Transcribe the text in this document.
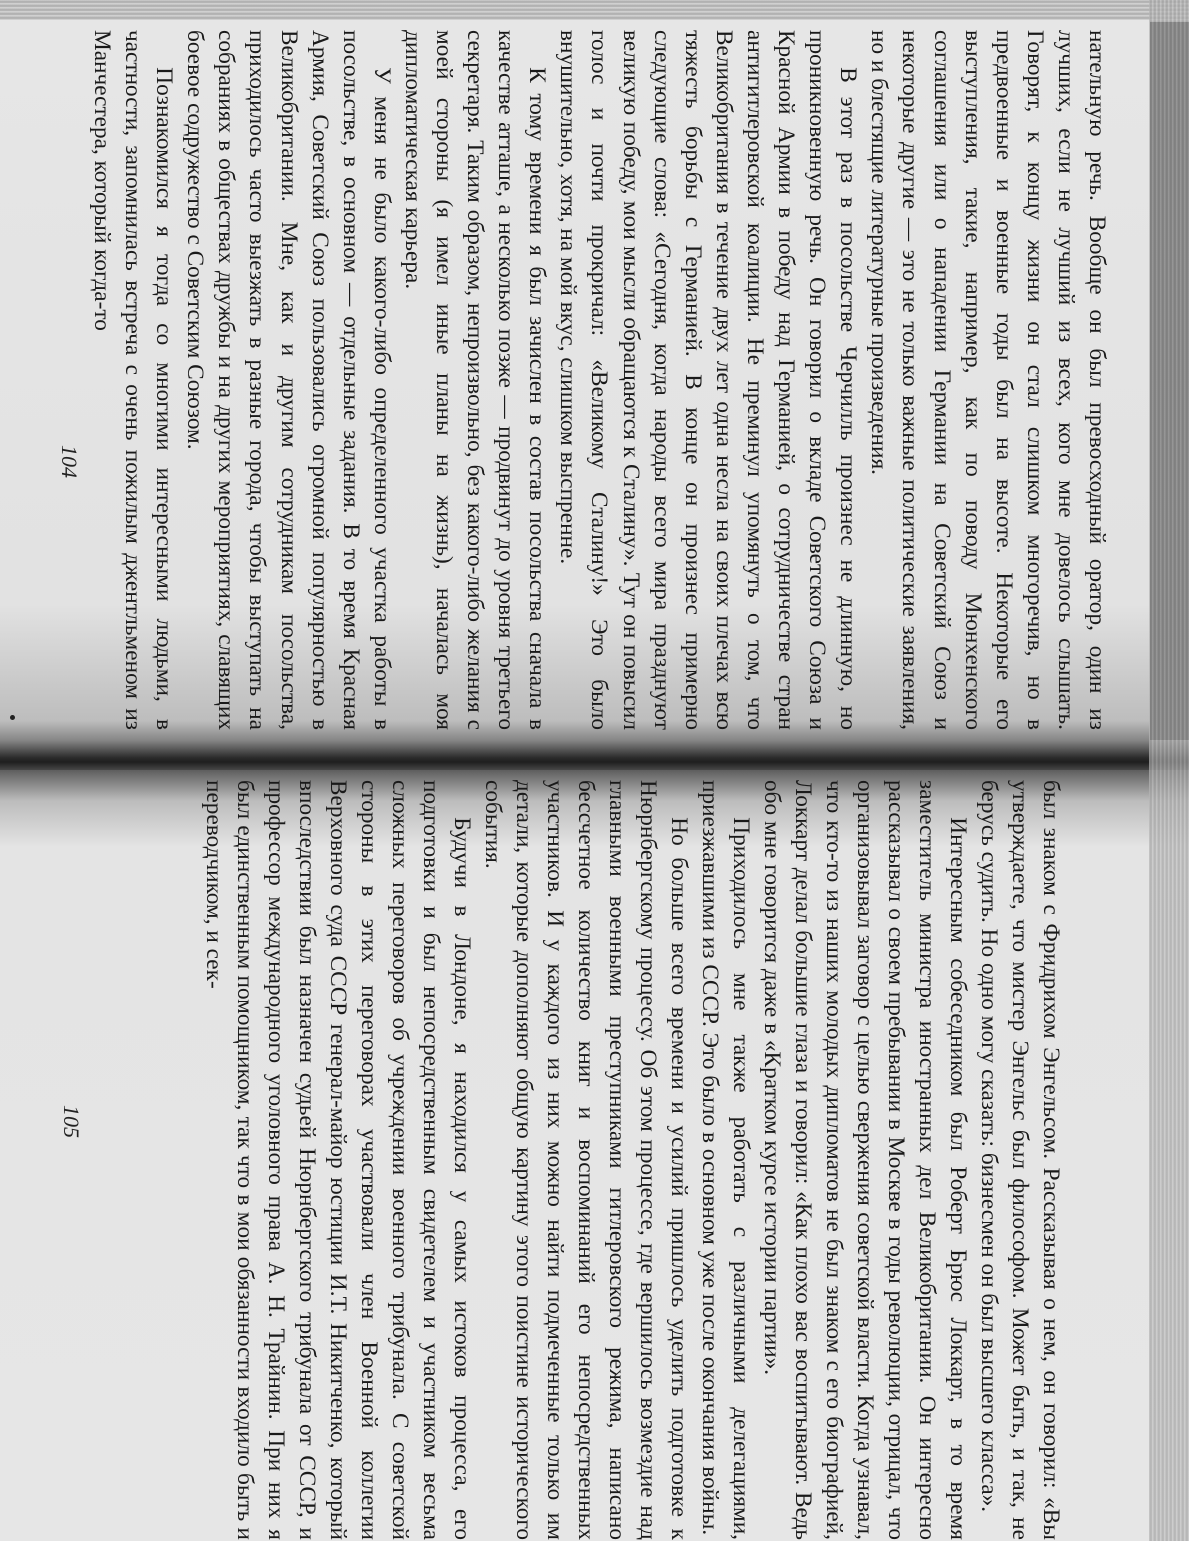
нательную речь. Вообще он был превосходный оратор, один из лучших, если не лучший из всех, кого мне довелось слышать. Говорят, к концу жизни он стал слишком многоречив, но в предвоенные и военные годы был на высоте. Некоторые его выступления, такие, например, как по поводу Мюнхенского соглашения или о нападении Германии на Советский Союз и некоторые другие — это не только важные политические заявления, но и блестящие литературные произведения.

В этот раз в посольстве Черчилль произнес не длинную, но проникновенную речь. Он говорил о вкладе Советского Союза и Красной Армии в победу над Германией, о сотрудничестве стран антигитлеровской коалиции. Не преминул упомянуть о том, что Великобритания в течение двух лет одна несла на своих плечах всю тяжесть борьбы с Германией. В конце он произнес примерно следующие слова: «Сегодня, когда народы всего мира празднуют великую победу, мои мысли обращаются к Сталину». Тут он повысил голос и почти прокричал: «Великому Сталину!» Это было внушительно, хотя, на мой вкус, слишком выспренне.

К тому времени я был зачислен в состав посольства сначала в качестве атташе, а несколько позже — продвинут до уровня третьего секретаря. Таким образом, непроизвольно, без какого-либо желания с моей стороны (я имел иные планы на жизнь), началась моя дипломатическая карьера.

У меня не было какого-либо определенного участка работы в посольстве, в основном — отдельные задания. В то время Красная Армия, Советский Союз пользовались огромной популярностью в Великобритании. Мне, как и другим сотрудникам посольства, приходилось часто выезжать в разные города, чтобы выступать на собраниях в обществах дружбы и на других мероприятиях, славящих боевое содружество с Советским Союзом.

Познакомился я тогда со многими интересными людьми, в частности, запомнилась встреча с очень пожилым джентльменом из Манчестера, который когда-то

104

был знаком с Фридрихом Энгельсом. Рассказывая о нем, он говорил: «Вы утверждаете, что мистер Энгельс был философом. Может быть, и так, не берусь судить. Но одно могу сказать: бизнесмен он был высшего класса».

Интересным собеседником был Роберт Брюс Локкарт, в то время заместитель министра иностранных дел Великобритании. Он интересно рассказывал о своем пребывании в Москве в годы революции, отрицал, что организовывал заговор с целью свержения советской власти. Когда узнавал, что кто-то из наших молодых дипломатов не был знаком с его биографией, Локкарт делал большие глаза и говорил: «Как плохо вас воспитывают. Ведь обо мне говорится даже в «Кратком курсе истории партии».

Приходилось мне также работать с различными делегациями, приезжавшими из СССР. Это было в основном уже после окончания войны.

Но больше всего времени и усилий пришлось уделить подготовке к Нюрнбергскому процессу. Об этом процессе, где вершилось возмездие над главными военными преступниками гитлеровского режима, написано бессчетное количество книг и воспоминаний его непосредственных участников. И у каждого из них можно найти подмеченные только им детали, которые дополняют общую картину этого поистине исторического события.

Будучи в Лондоне, я находился у самых истоков процесса, его подготовки и был непосредственным свидетелем и участником весьма сложных переговоров об учреждении военного трибунала. С советской стороны в этих переговорах участвовали член Военной коллегии Верховного суда СССР генерал-майор юстиции И.Т. Никитченко, который впоследствии был назначен судьей Нюрнбергского трибунала от СССР, и профессор международного уголовного права А. Н. Трайнин. При них я был единственным помощником, так что в мои обязанности входило быть и переводчиком, и сек-

105
